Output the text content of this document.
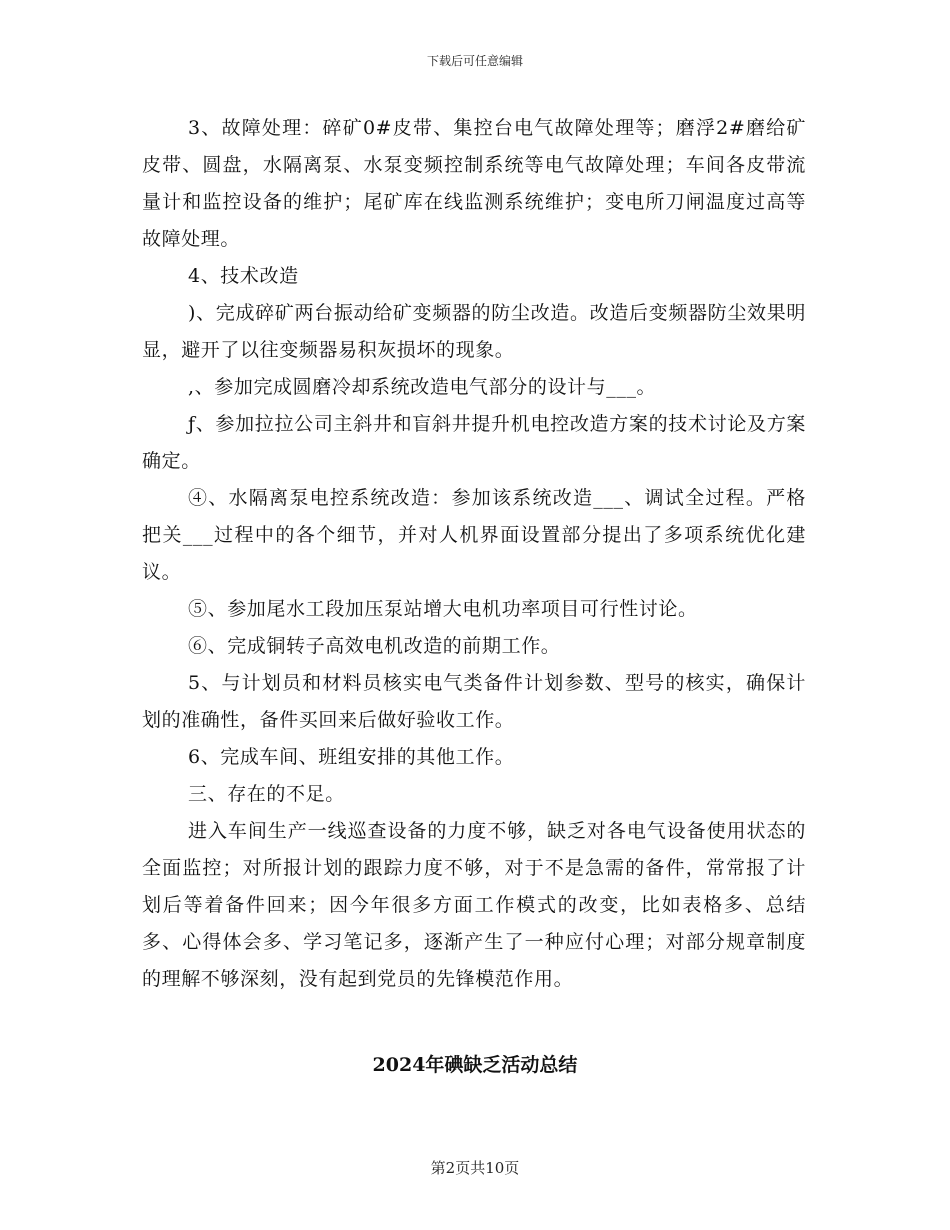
下载后可任意编辑

3、故障处理：碎矿0#皮带、集控台电气故障处理等；磨浮2#磨给矿皮带、圆盘，水隔离泵、水泵变频控制系统等电气故障处理；车间各皮带流量计和监控设备的维护；尾矿库在线监测系统维护；变电所刀闸温度过高等故障处理。

4、技术改造

)、完成碎矿两台振动给矿变频器的防尘改造。改造后变频器防尘效果明显，避开了以往变频器易积灰损坏的现象。

,、参加完成圆磨冷却系统改造电气部分的设计与___。

ƒ、参加拉拉公司主斜井和盲斜井提升机电控改造方案的技术讨论及方案确定。

④、水隔离泵电控系统改造：参加该系统改造___、调试全过程。严格把关___过程中的各个细节，并对人机界面设置部分提出了多项系统优化建议。

⑤、参加尾水工段加压泵站增大电机功率项目可行性讨论。

⑥、完成铜转子高效电机改造的前期工作。

5、与计划员和材料员核实电气类备件计划参数、型号的核实，确保计划的准确性，备件买回来后做好验收工作。

6、完成车间、班组安排的其他工作。

三、存在的不足。

进入车间生产一线巡查设备的力度不够，缺乏对各电气设备使用状态的全面监控；对所报计划的跟踪力度不够，对于不是急需的备件，常常报了计划后等着备件回来；因今年很多方面工作模式的改变，比如表格多、总结多、心得体会多、学习笔记多，逐渐产生了一种应付心理；对部分规章制度的理解不够深刻，没有起到党员的先锋模范作用。

2024年碘缺乏活动总结
第2页共10页
